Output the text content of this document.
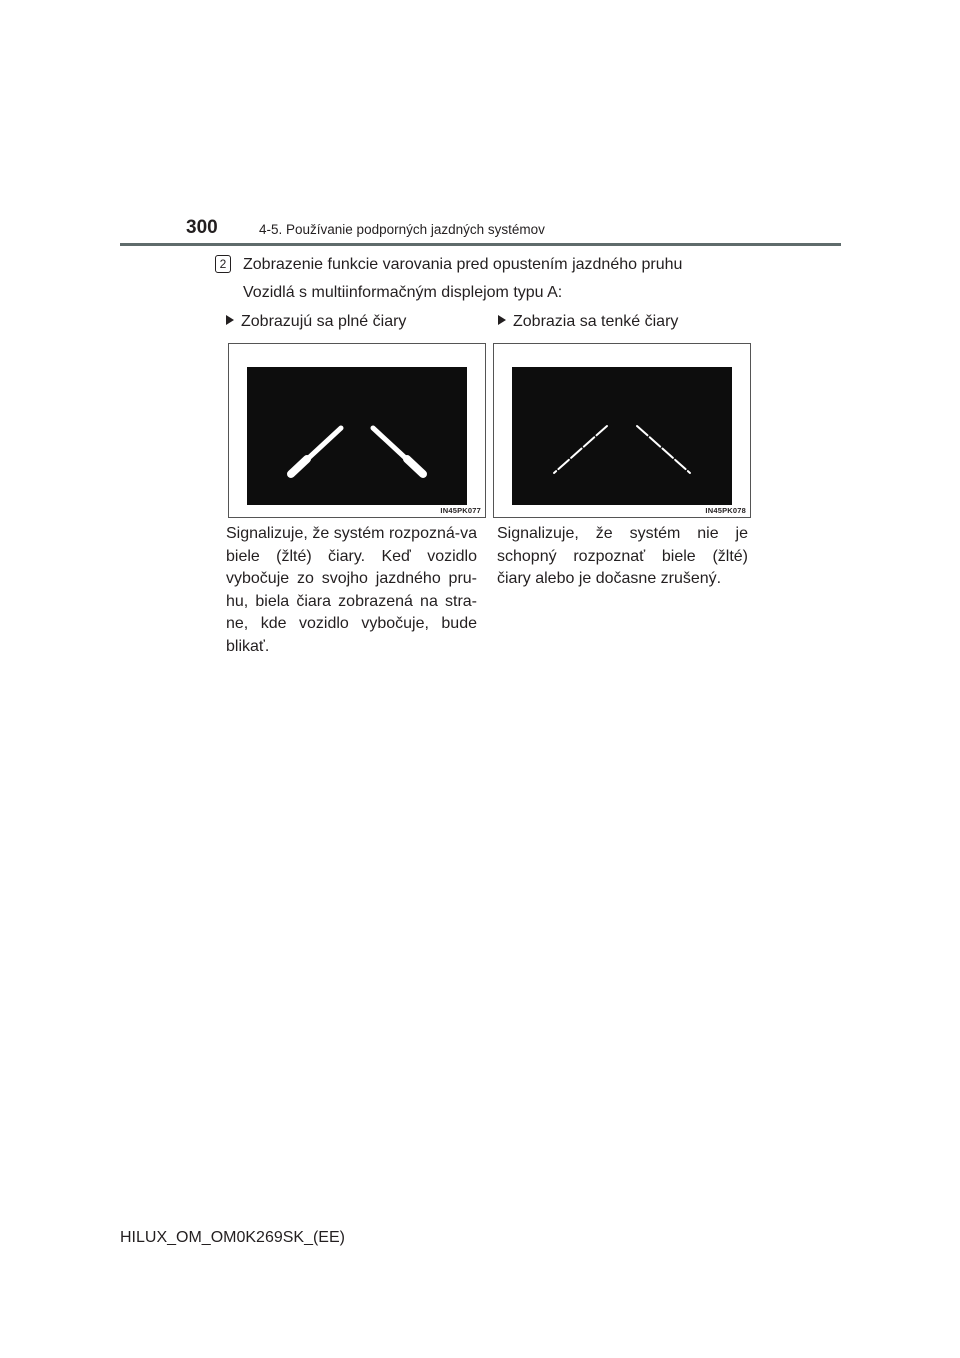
300	4-5. Používanie podporných jazdných systémov
2 Zobrazenie funkcie varovania pred opustením jazdného pruhu
Vozidlá s multiinformačným displejom typu A:
Zobrazujú sa plné čiary
IN45PK077
Signalizuje, že systém rozpozná-va biele (žlté) čiary. Keď vozidlo vybočuje zo svojho jazdného pru-hu, biela čiara zobrazená na stra-ne, kde vozidlo vybočuje, bude blikať.
Zobrazia sa tenké čiary
IN45PK078
Signalizuje, že systém nie je schopný rozpoznať biele (žlté) čiary alebo je dočasne zrušený.
HILUX_OM_OM0K269SK_(EE)
